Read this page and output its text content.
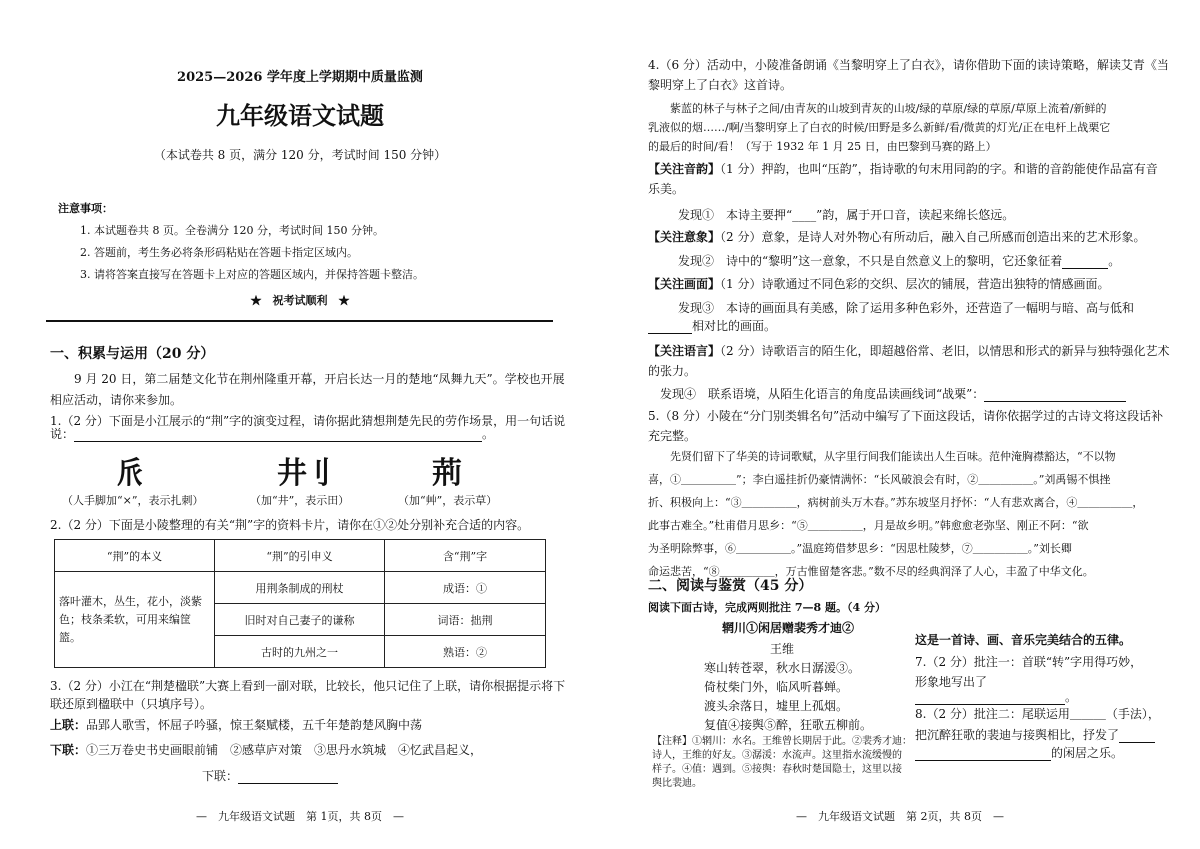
2025—2026 学年度上学期期中质量监测
九年级语文试题
（本试卷共 8 页，满分 120 分，考试时间 150 分钟）
注意事项：
1. 本试题卷共 8 页。全卷满分 120 分，考试时间 150 分钟。
2. 答题前，考生务必将条形码粘贴在答题卡指定区域内。
3. 请将答案直接写在答题卡上对应的答题区域内，并保持答题卡整洁。
★　祝考试顺利　★
一、积累与运用（20 分）
　　9 月 20 日，第二届楚文化节在荆州隆重开幕，开启长达一月的楚地“凤舞九天”。学校也开展
相应活动，请你来参加。
1.（2 分）下面是小江展示的“荆”字的演变过程，请你据此猜想荆楚先民的劳作场景，用一句话说
说：	。
𠂢	井刂	荊
（人手脚加“×”，表示扎刺）	（加“井”，表示田）	（加“艸”，表示草）
2.（2 分）下面是小陵整理的有关“荆”字的资料卡片，请你在①②处分别补充合适的内容。
“荆”的本义	“荆”的引申义	含“荆”字
落叶灌木，丛生，花小，淡紫色；枝条柔软，可用来编筐篮。	用荆条制成的刑杖	成语：①
	旧时对自己妻子的谦称	词语：拙荆
	古时的九州之一	熟语：②
3.（2 分）小江在“荆楚楹联”大赛上看到一副对联，比较长，他只记住了上联，请你根据提示将下
联还原到楹联中（只填序号）。
上联：品郢人歌雪，怀屈子吟骚，惊王粲赋楼，五千年楚韵楚风胸中荡
下联：①三万卷史书史画眼前铺　②感草庐对策　③思丹水筑城　④忆武昌起义，
下联：
—　九年级语文试题　第 1页，共 8页　—
4.（6 分）活动中，小陵准备朗诵《当黎明穿上了白衣》，请你借助下面的读诗策略，解读艾青《当
黎明穿上了白衣》这首诗。
　　紫蓝的林子与林子之间/由青灰的山坡到青灰的山坡/绿的草原/绿的草原/草原上流着/新鲜的
乳液似的烟……/啊/当黎明穿上了白衣的时候/田野是多么新鲜/看/微黄的灯光/正在电杆上战栗它
的最后的时间/看！（写于 1932 年 1 月 25 日，由巴黎到马赛的路上）
【关注音韵】（1 分）押韵，也叫“压韵”，指诗歌的句末用同韵的字。和谐的音韵能使作品富有音
乐美。
　发现①　本诗主要押“____”韵，属于开口音，读起来绵长悠远。
【关注意象】（2 分）意象，是诗人对外物心有所动后，融入自己所感而创造出来的艺术形象。
　发现②　诗中的“黎明”这一意象，不只是自然意义上的黎明，它还象征着	。
【关注画面】（1 分）诗歌通过不同色彩的交织、层次的铺展，营造出独特的情感画面。
　发现③　本诗的画面具有美感，除了运用多种色彩外，还营造了一幅明与暗、高与低和
相对比的画面。
【关注语言】（2 分）诗歌语言的陌生化，即超越俗常、老旧，以情思和形式的新异与独特强化艺术
的张力。
　发现④　联系语境，从陌生化语言的角度品读画线词“战栗”：
5.（8 分）小陵在“分门别类辑名句”活动中编写了下面这段话，请你依据学过的古诗文将这段话补
充完整。
　　先贤们留下了华美的诗词歌赋，从字里行间我们能读出人生百味。范仲淹胸襟豁达，“不以物
喜，①＿＿＿＿＿”；李白遥挂折仍豪情满怀：“长风破浪会有时，②＿＿＿＿＿。”刘禹锡不惧挫
折、积极向上：“③＿＿＿＿＿，病树前头万木春。”苏东坡坚月抒怀：“人有悲欢离合，④＿＿＿＿＿，
此事古难全。”杜甫借月思乡：“⑤＿＿＿＿＿，月是故乡明。”韩愈愈老弥坚、刚正不阿：“欲
为圣明除弊事，⑥＿＿＿＿＿。”温庭筠借梦思乡：“因思杜陵梦，⑦＿＿＿＿＿。”刘长卿
命运悲苦，“⑧＿＿＿＿＿，万古惟留楚客悲。”数不尽的经典润泽了人心，丰盈了中华文化。
二、阅读与鉴赏（45 分）
阅读下面古诗，完成两则批注 7—8 题。（4 分）
辋川①闲居赠裴秀才迪②
王维
寒山转苍翠，秋水日潺湲③。
倚杖柴门外，临风听暮蝉。
渡头余落日，墟里上孤烟。
复值④接舆⑤醉，狂歌五柳前。
【注释】①辋川：水名。王维曾长期居于此。②裴秀才迪：
诗人，王维的好友。③潺湲：水流声。这里指水流缓慢的
样子。④值：遇到。⑤接舆：春秋时楚国隐士，这里以接
舆比裴迪。
这是一首诗、画、音乐完美结合的五律。
7.（2 分）批注一：首联“转”字用得巧妙，
形象地写出了
。
8.（2 分）批注二：尾联运用＿＿＿（手法），
把沉醉狂歌的裴迪与接舆相比，抒发了
的闲居之乐。
—　九年级语文试题　第 2页，共 8页　—
